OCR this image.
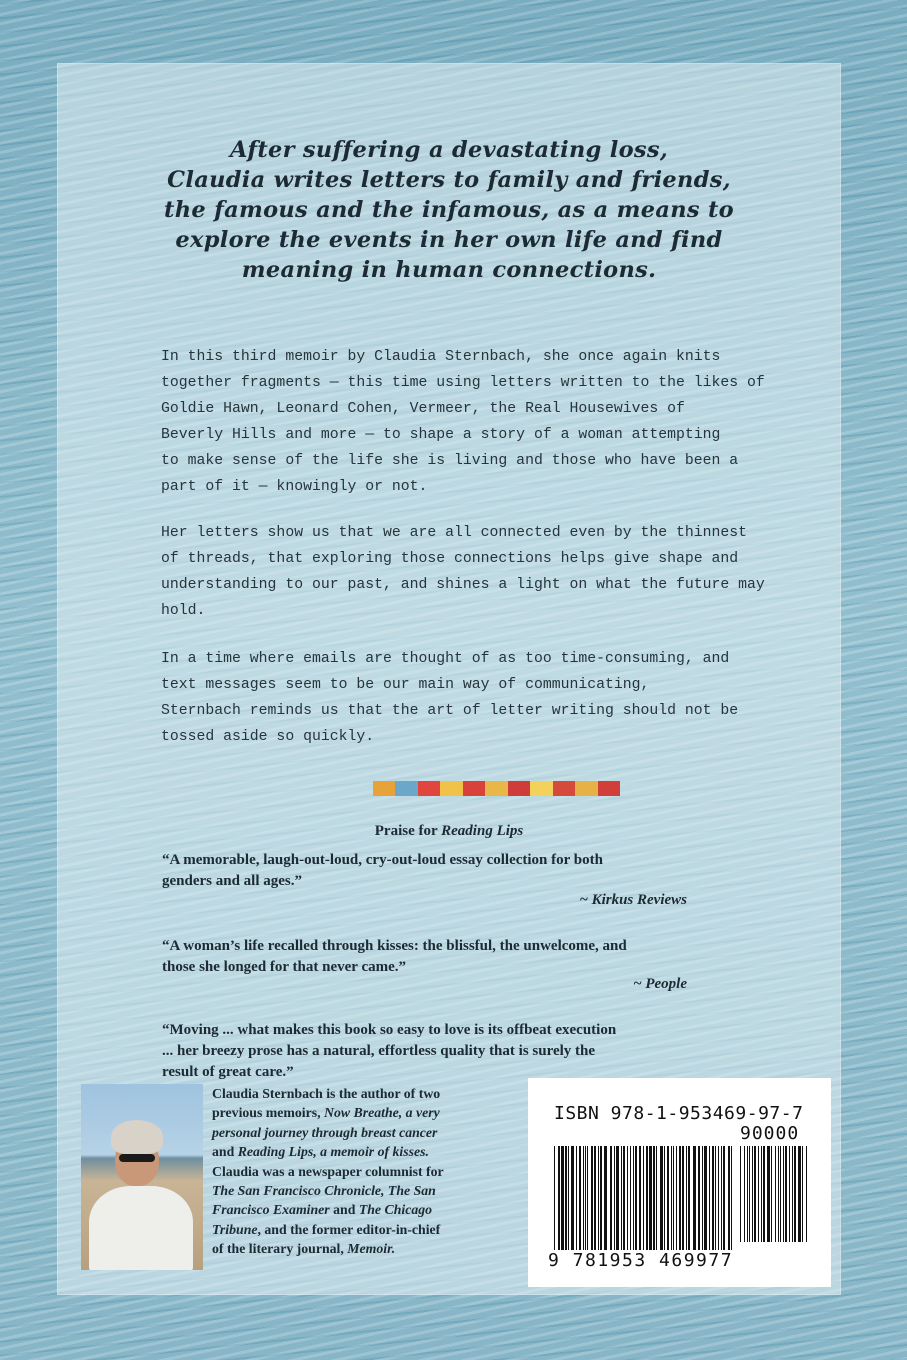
After suffering a devastating loss,
Claudia writes letters to family and friends,
the famous and the infamous, as a means to
explore the events in her own life and find
meaning in human connections.
In this third memoir by Claudia Sternbach, she once again knits
together fragments — this time using letters written to the likes of
Goldie Hawn, Leonard Cohen, Vermeer, the Real Housewives of
Beverly Hills and more — to shape a story of a woman attempting
to make sense of the life she is living and those who have been a
part of it — knowingly or not.
Her letters show us that we are all connected even by the thinnest
of threads, that exploring those connections helps give shape and
understanding to our past, and shines a light on what the future may
hold.
In a time where emails are thought of as too time-consuming, and
text messages seem to be our main way of communicating,
Sternbach reminds us that the art of letter writing should not be
tossed aside so quickly.
Praise for Reading Lips
“A memorable, laugh-out-loud, cry-out-loud essay collection for both
genders and all ages.”
~ Kirkus Reviews
“A woman’s life recalled through kisses: the blissful, the unwelcome, and
those she longed for that never came.”
~ People
“Moving ... what makes this book so easy to love is its offbeat execution
... her breezy prose has a natural, effortless quality that is surely the
result of great care.”
Claudia Sternbach is the author of two
previous memoirs, Now Breathe, a very
personal journey through breast cancer
and Reading Lips, a memoir of kisses.
Claudia was a newspaper columnist for
The San Francisco Chronicle, The San
Francisco Examiner and The Chicago
Tribune, and the former editor-in-chief
of the literary journal, Memoir.
ISBN 978-1-953469-97-7
90000
9 781953 469977
